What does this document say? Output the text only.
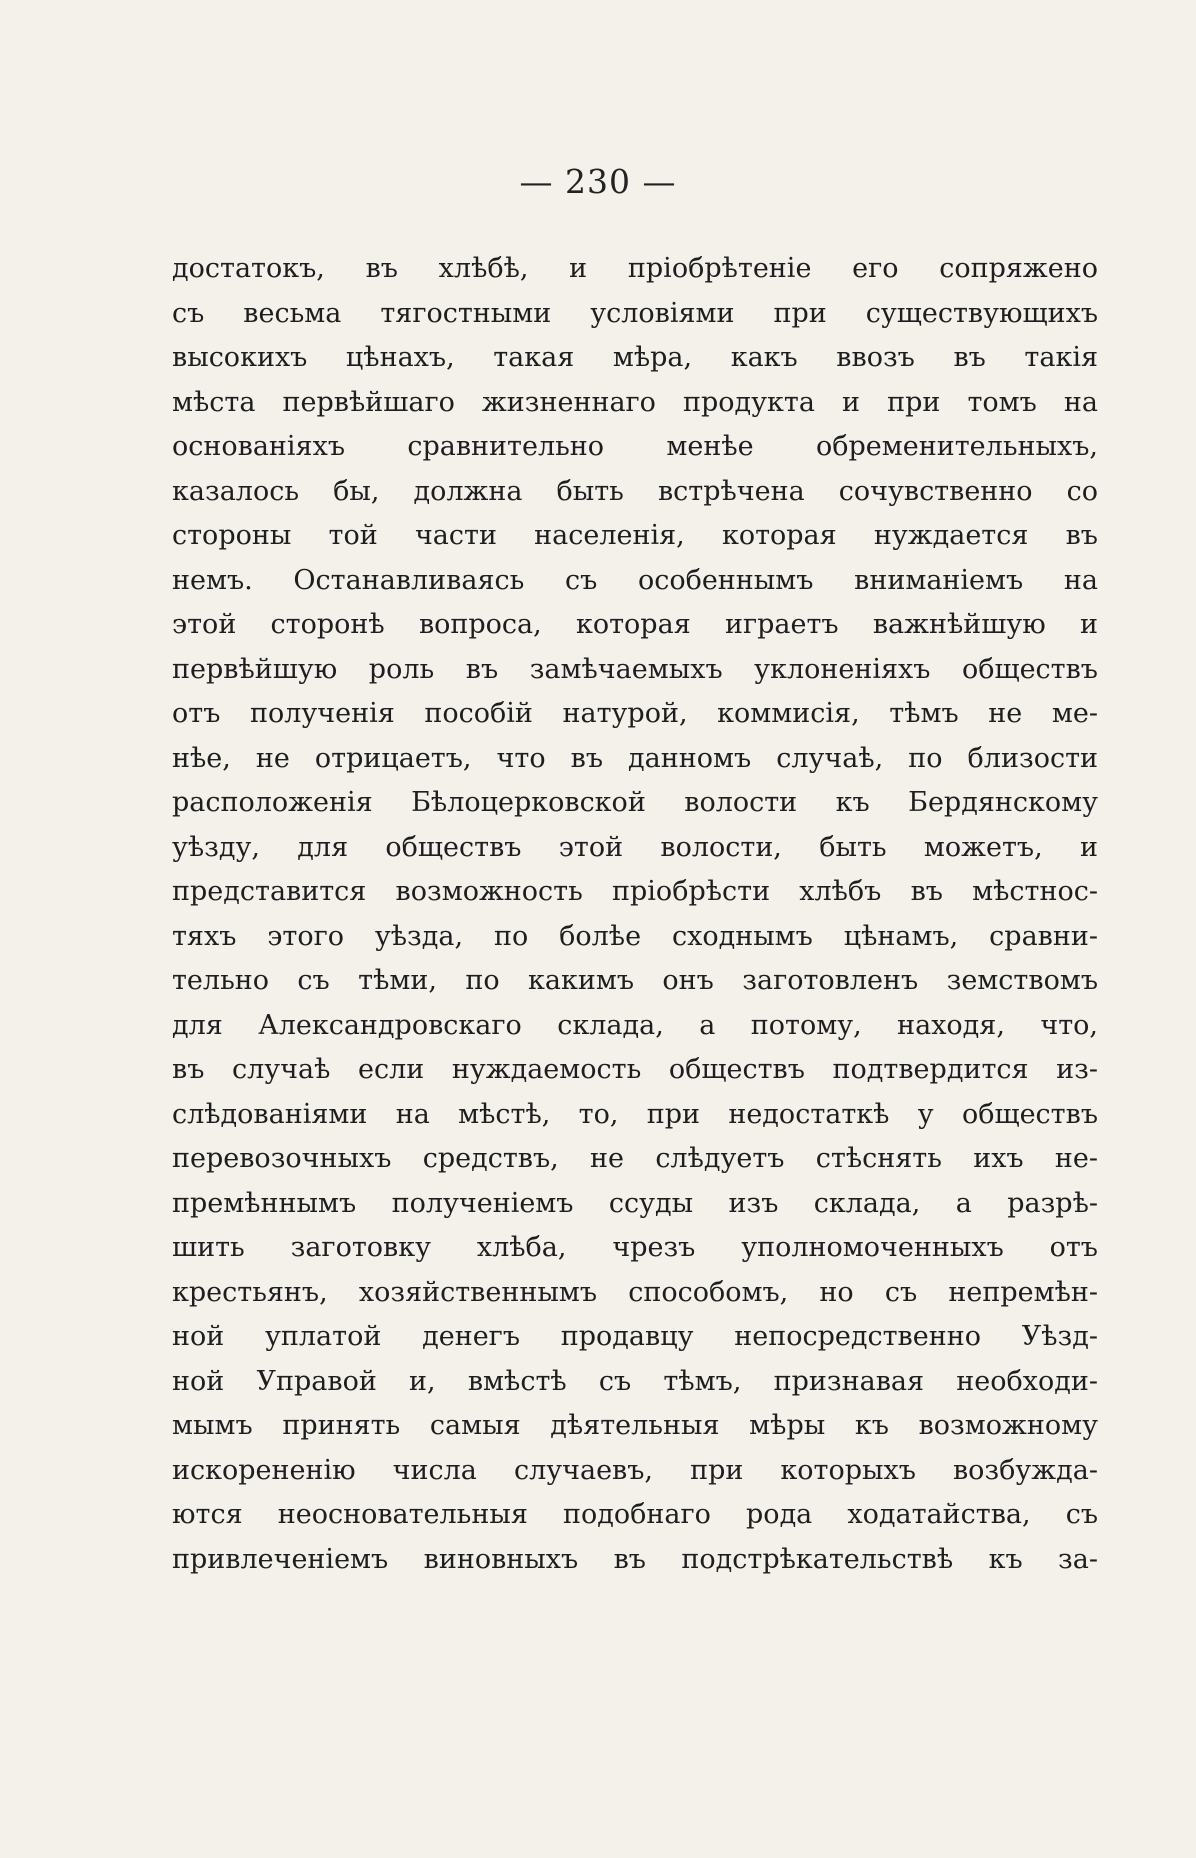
— 230 —
достатокъ, въ хлѣбѣ, и пріобрѣтеніе его сопряжено
съ весьма тягостными условіями при существующихъ
высокихъ цѣнахъ, такая мѣра, какъ ввозъ въ такія
мѣста первѣйшаго жизненнаго продукта и при томъ на
основаніяхъ сравнительно менѣе обременительныхъ,
казалось бы, должна быть встрѣчена сочувственно со
стороны той части населенія, которая нуждается въ
немъ. Останавливаясь съ особеннымъ вниманіемъ на
этой сторонѣ вопроса, которая играетъ важнѣйшую и
первѣйшую роль въ замѣчаемыхъ уклоненіяхъ обществъ
отъ полученія пособій натурой, коммисія, тѣмъ не ме-
нѣе, не отрицаетъ, что въ данномъ случаѣ, по близости
расположенія Бѣлоцерковской волости къ Бердянскому
уѣзду, для обществъ этой волости, быть можетъ, и
представится возможность пріобрѣсти хлѣбъ въ мѣстнос-
тяхъ этого уѣзда, по болѣе сходнымъ цѣнамъ, сравни-
тельно съ тѣми, по какимъ онъ заготовленъ земствомъ
для Александровскаго склада, а потому, находя, что,
въ случаѣ если нуждаемость обществъ подтвердится из-
слѣдованіями на мѣстѣ, то, при недостаткѣ у обществъ
перевозочныхъ средствъ, не слѣдуетъ стѣснять ихъ не-
премѣннымъ полученіемъ ссуды изъ склада, а разрѣ-
шить заготовку хлѣба, чрезъ уполномоченныхъ отъ
крестьянъ, хозяйственнымъ способомъ, но съ непремѣн-
ной уплатой денегъ продавцу непосредственно Уѣзд-
ной Управой и, вмѣстѣ съ тѣмъ, признавая необходи-
мымъ принять самыя дѣятельныя мѣры къ возможному
искорененію числа случаевъ, при которыхъ возбужда-
ются неосновательныя подобнаго рода ходатайства, съ
привлеченіемъ виновныхъ въ подстрѣкательствѣ къ за-
